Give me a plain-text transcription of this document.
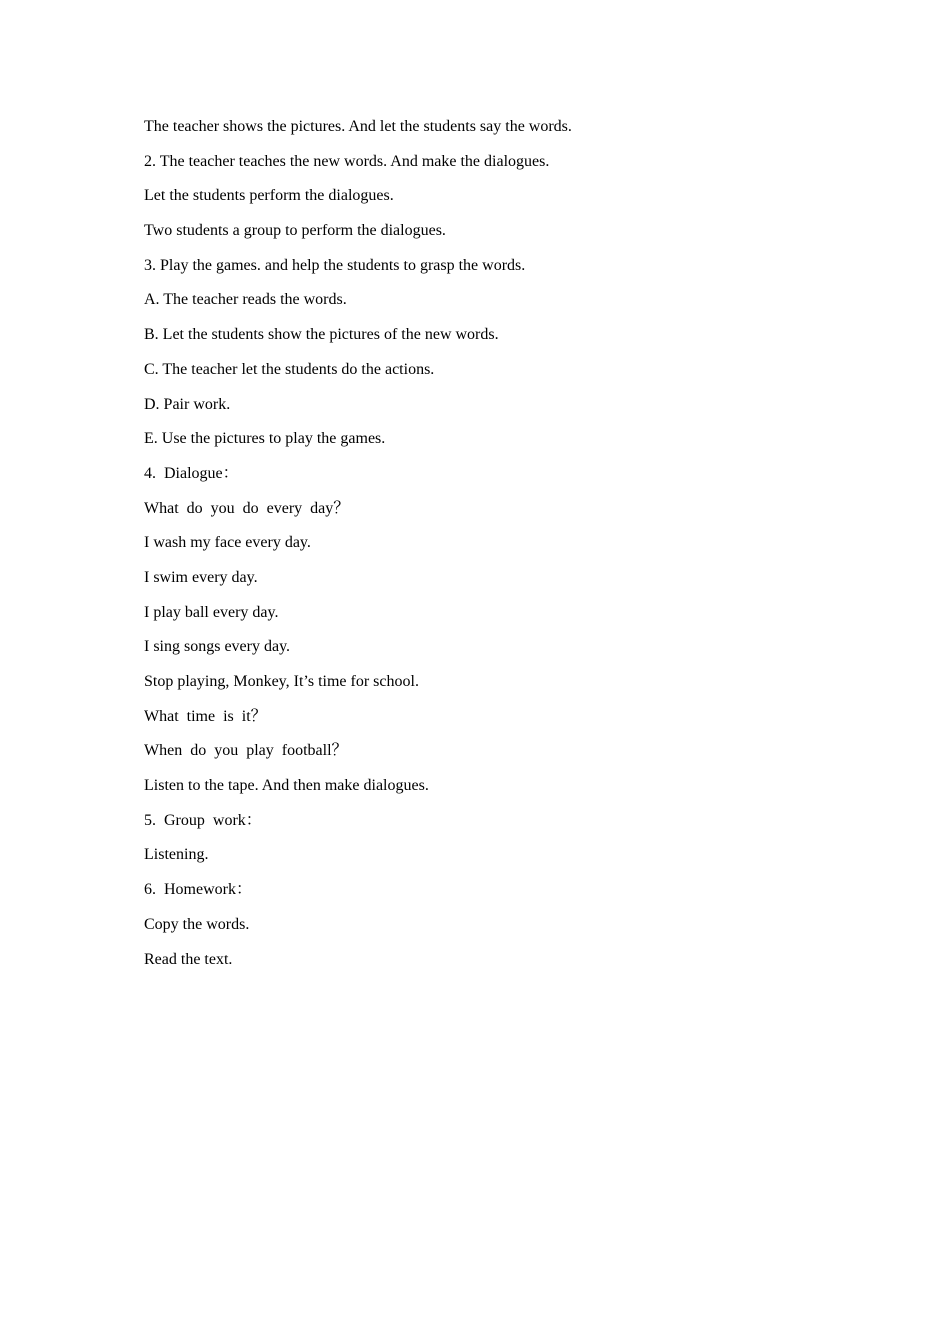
The teacher shows the pictures. And let the students say the words.
2. The teacher teaches the new words. And make the dialogues.
Let the students perform the dialogues.
Two students a group to perform the dialogues.
3. Play the games. and help the students to grasp the words.
A. The teacher reads the words.
B. Let the students show the pictures of the new words.
C. The teacher let the students do the actions.
D. Pair work.
E. Use the pictures to play the games.
4.  Dialogue：
What  do  you  do  every  day？
I wash my face every day.
I swim every day.
I play ball every day.
I sing songs every day.
Stop playing, Monkey, It’s time for school.
What  time  is  it？
When  do  you  play  football？
Listen to the tape. And then make dialogues.
5.  Group  work：
Listening.
6.  Homework：
Copy the words.
Read the text.
